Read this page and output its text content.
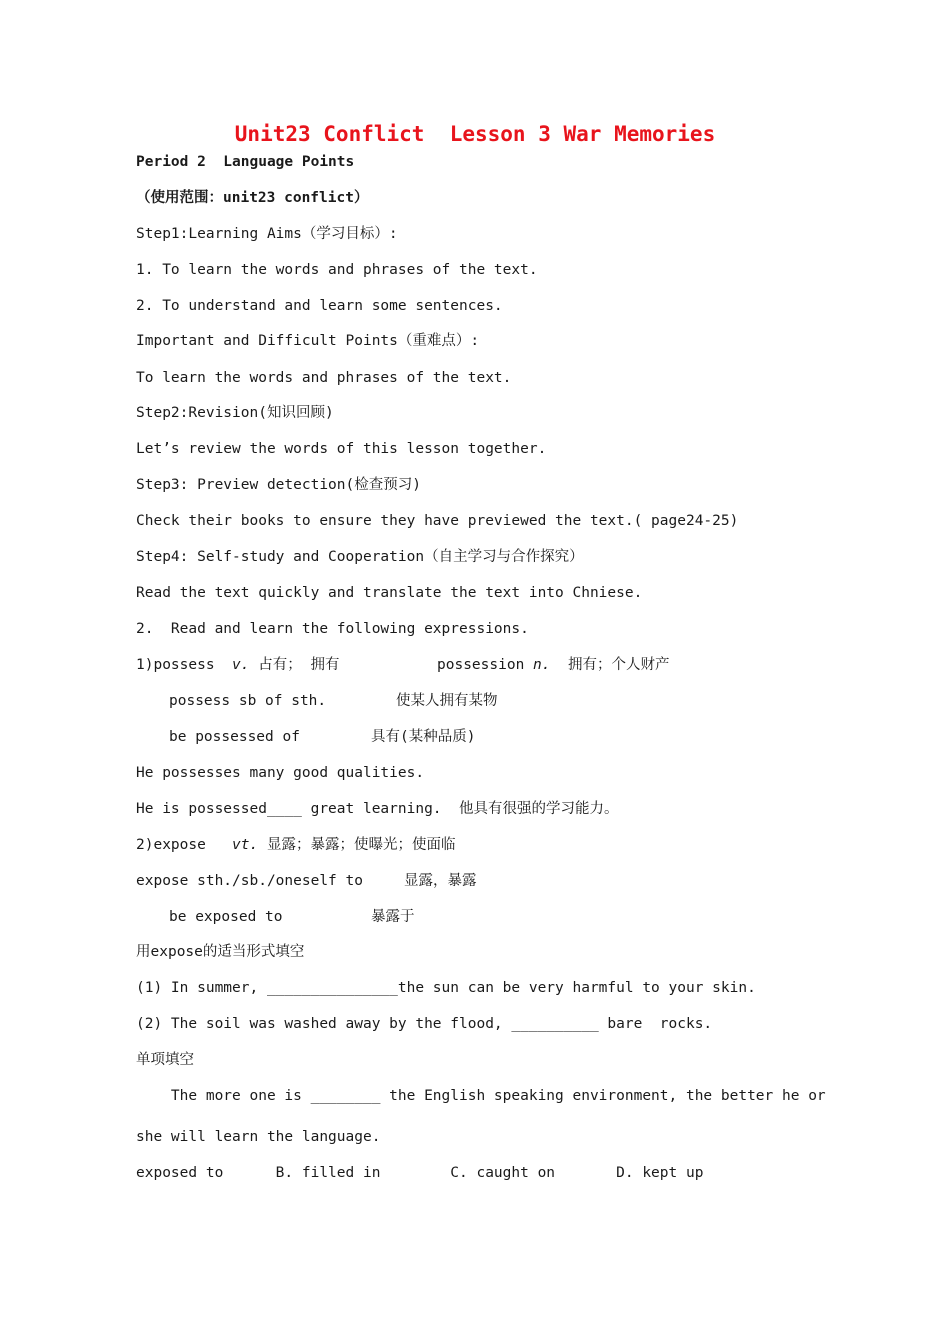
Unit23 Conflict  Lesson 3 War Memories
Period 2  Language Points
（使用范围：unit23 conflict）
Step1:Learning Aims（学习目标）:
1. To learn the words and phrases of the text.
2. To understand and learn some sentences.
Important and Difficult Points（重难点）:
To learn the words and phrases of the text.
Step2:Revision(知识回顾)
Let’s review the words of this lesson together.
Step3: Preview detection(检查预习)
Check their books to ensure they have previewed the text.( page24-25)
Step4: Self-study and Cooperation（自主学习与合作探究）
Read the text quickly and translate the text into Chniese.
2.  Read and learn the following expressions.
1)possess  v. 占有； 拥有	possession n.  拥有；个人财产
possess sb of sth.	使某人拥有某物
be possessed of	具有(某种品质)
He possesses many good qualities.
He is possessed____ great learning.  他具有很强的学习能力。
2)expose   vt. 显露；暴露；使曝光；使面临
expose sth./sb./oneself to	显露，暴露
be exposed to	暴露于
用expose的适当形式填空
(1) In summer, _______________the sun can be very harmful to your skin.
(2) The soil was washed away by the flood, __________ bare  rocks.
单项填空
The more one is ________ the English speaking environment, the better he or
she will learn the language.
exposed to      B. filled in        C. caught on       D. kept up
